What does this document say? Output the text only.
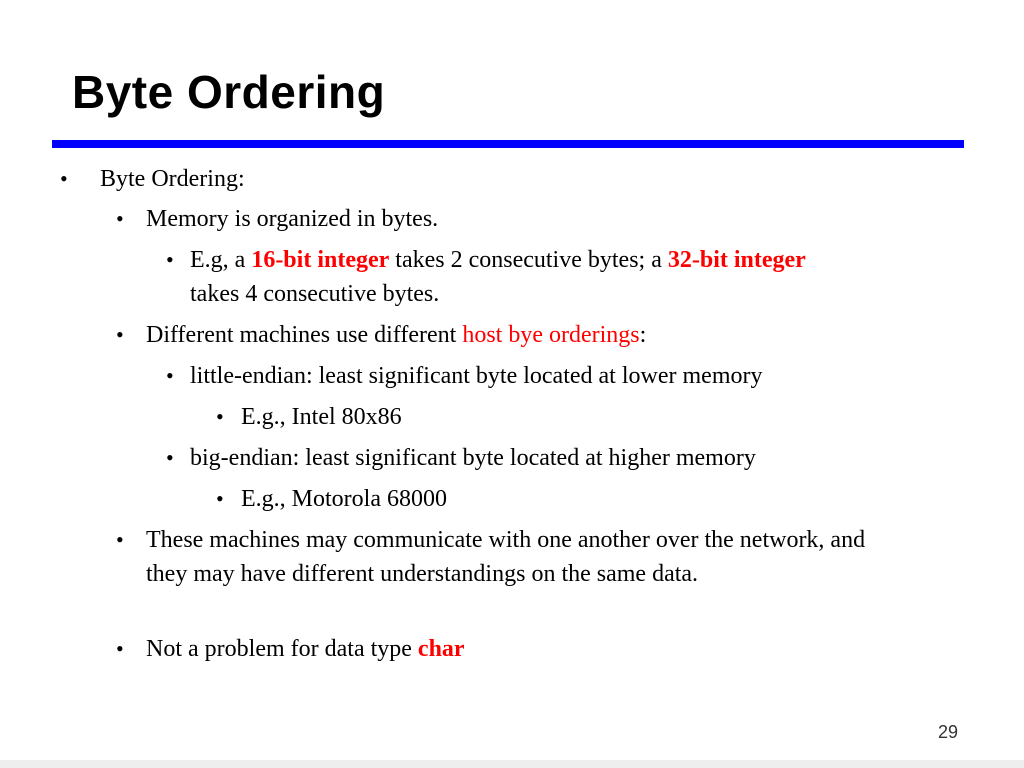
Byte Ordering
• Byte Ordering:
• Memory is organized in bytes.
• E.g, a 16-bit integer takes 2 consecutive bytes; a 32-bit integer
takes 4 consecutive bytes.
• Different machines use different host bye orderings:
• little-endian: least significant byte located at lower memory
• E.g., Intel 80x86
• big-endian: least significant byte located at higher memory
• E.g., Motorola 68000
• These machines may communicate with one another over the network, and they may have different understandings on the same data.
• Not a problem for data type char
29
